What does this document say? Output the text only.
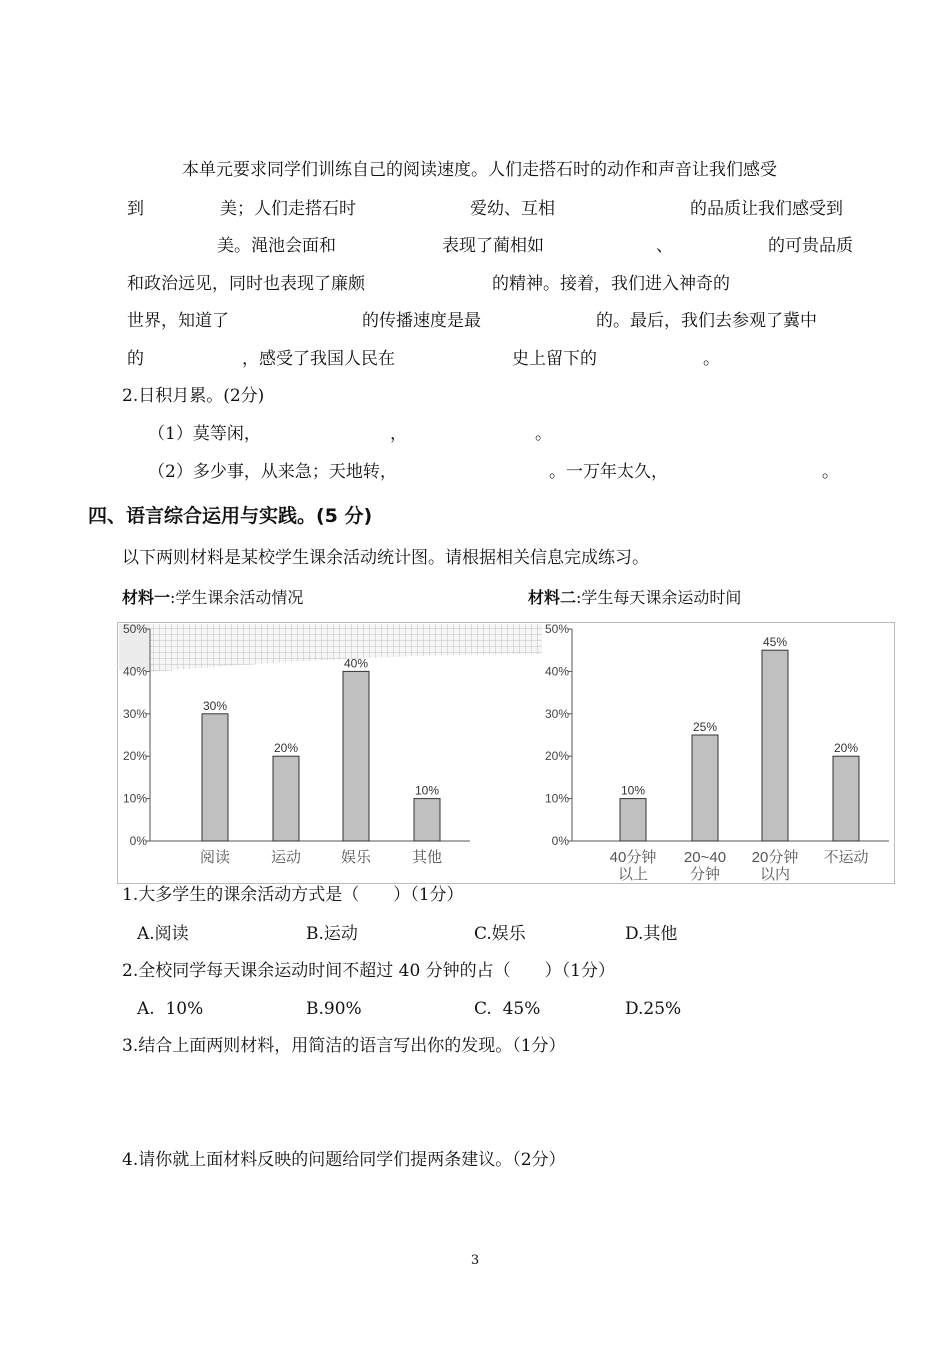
本单元要求同学们训练自己的阅读速度。人们走搭石时的动作和声音让我们感受
到	美；人们走搭石时	爱幼、互相	的品质让我们感受到
美。渑池会面和	表现了蔺相如	、	的可贵品质
和政治远见，同时也表现了廉颇	的精神。接着，我们进入神奇的
世界，知道了	的传播速度是最	的。最后，我们去参观了冀中
的	，感受了我国人民在	史上留下的	。
2.日积月累。(2分)
（1）莫等闲，	，	。
（2）多少事，从来急；天地转，	。一万年太久，	。
四、语言综合运用与实践。(5 分)
以下两则材料是某校学生课余活动统计图。请根据相关信息完成练习。
材料一:学生课余活动情况	材料二:学生每天课余运动时间
0%
10%
20%
30%
40%
50%
30%
阅读
20%
运动
40%
娱乐
10%
其他
0%
10%
20%
30%
40%
50%
10%
40分钟
以上
25%
20~40
分钟
45%
20分钟
以内
20%
不运动
1.大多学生的课余活动方式是（　　）（1分）
A.阅读	B.运动	C.娱乐	D.其他
2.全校同学每天课余运动时间不超过 40 分钟的占（　　）（1分）
A.  10%	B.90%	C.  45%	D.25%
3.结合上面两则材料，用简洁的语言写出你的发现。（1分）
4.请你就上面材料反映的问题给同学们提两条建议。（2分）
3
